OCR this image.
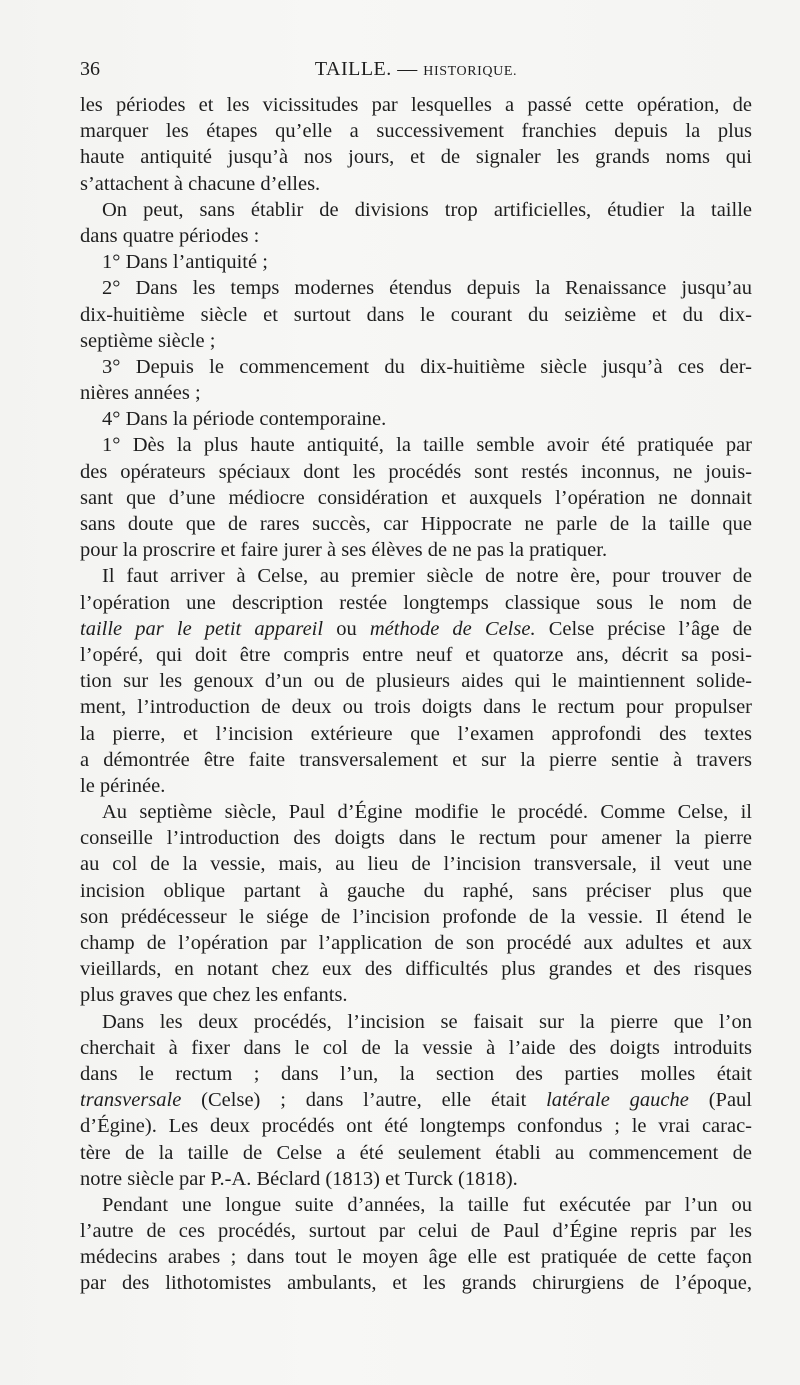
36	TAILLE. — HISTORIQUE.
les périodes et les vicissitudes par lesquelles a passé cette opération, de
marquer les étapes qu’elle a successivement franchies depuis la plus
haute antiquité jusqu’à nos jours, et de signaler les grands noms qui
s’attachent à chacune d’elles.
On peut, sans établir de divisions trop artificielles, étudier la taille
dans quatre périodes :
1° Dans l’antiquité ;
2° Dans les temps modernes étendus depuis la Renaissance jusqu’au
dix-huitième siècle et surtout dans le courant du seizième et du dix-
septième siècle ;
3° Depuis le commencement du dix-huitième siècle jusqu’à ces der-
nières années ;
4° Dans la période contemporaine.
1° Dès la plus haute antiquité, la taille semble avoir été pratiquée par
des opérateurs spéciaux dont les procédés sont restés inconnus, ne jouis-
sant que d’une médiocre considération et auxquels l’opération ne donnait
sans doute que de rares succès, car Hippocrate ne parle de la taille que
pour la proscrire et faire jurer à ses élèves de ne pas la pratiquer.
Il faut arriver à Celse, au premier siècle de notre ère, pour trouver de
l’opération une description restée longtemps classique sous le nom de
taille par le petit appareil ou méthode de Celse. Celse précise l’âge de
l’opéré, qui doit être compris entre neuf et quatorze ans, décrit sa posi-
tion sur les genoux d’un ou de plusieurs aides qui le maintiennent solide-
ment, l’introduction de deux ou trois doigts dans le rectum pour propulser
la pierre, et l’incision extérieure que l’examen approfondi des textes
a démontrée être faite transversalement et sur la pierre sentie à travers
le périnée.
Au septième siècle, Paul d’Égine modifie le procédé. Comme Celse, il
conseille l’introduction des doigts dans le rectum pour amener la pierre
au col de la vessie, mais, au lieu de l’incision transversale, il veut une
incision oblique partant à gauche du raphé, sans préciser plus que
son prédécesseur le siége de l’incision profonde de la vessie. Il étend le
champ de l’opération par l’application de son procédé aux adultes et aux
vieillards, en notant chez eux des difficultés plus grandes et des risques
plus graves que chez les enfants.
Dans les deux procédés, l’incision se faisait sur la pierre que l’on
cherchait à fixer dans le col de la vessie à l’aide des doigts introduits
dans le rectum ; dans l’un, la section des parties molles était
transversale (Celse) ; dans l’autre, elle était latérale gauche (Paul
d’Égine). Les deux procédés ont été longtemps confondus ; le vrai carac-
tère de la taille de Celse a été seulement établi au commencement de
notre siècle par P.-A. Béclard (1813) et Turck (1818).
Pendant une longue suite d’années, la taille fut exécutée par l’un ou
l’autre de ces procédés, surtout par celui de Paul d’Égine repris par les
médecins arabes ; dans tout le moyen âge elle est pratiquée de cette façon
par des lithotomistes ambulants, et les grands chirurgiens de l’époque,
